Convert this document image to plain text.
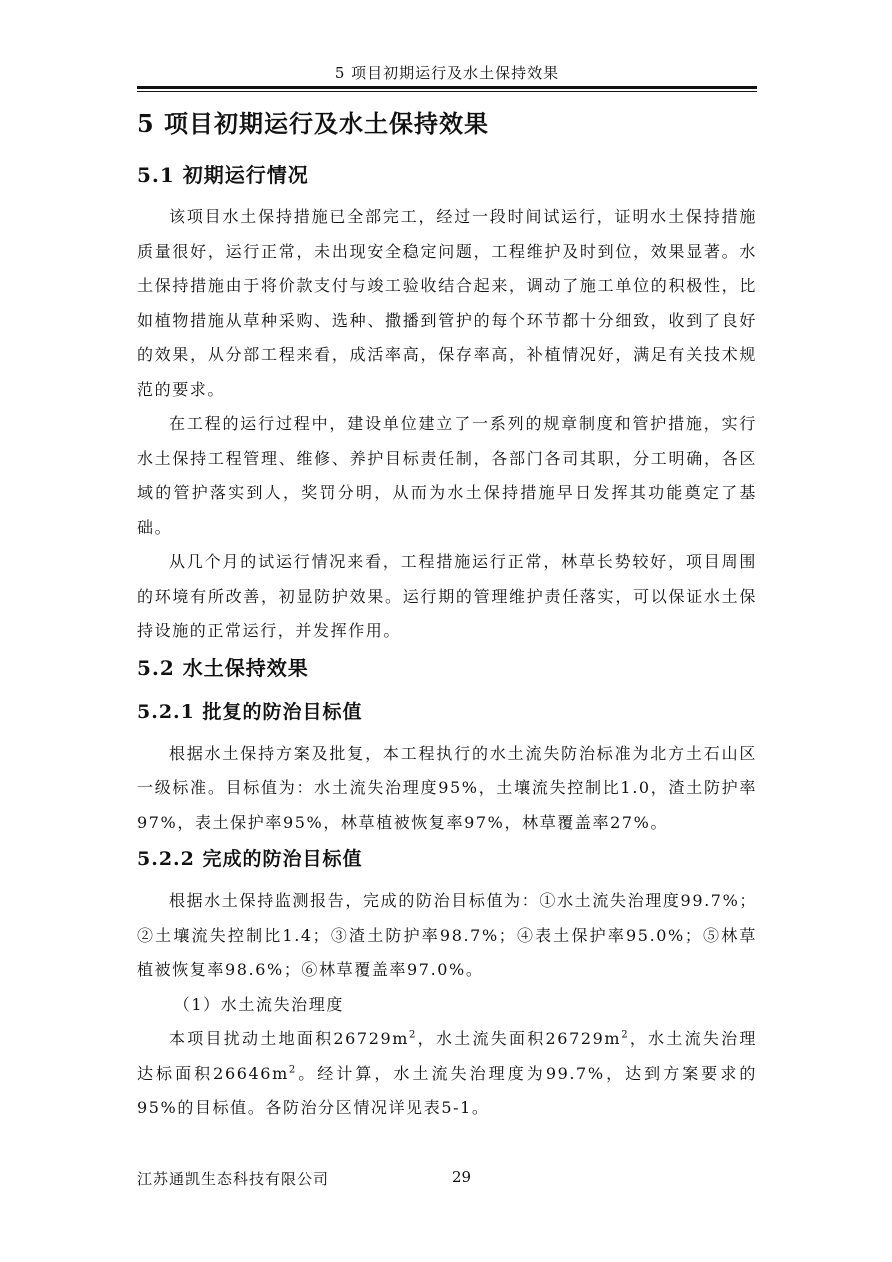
5 项目初期运行及水土保持效果
5 项目初期运行及水土保持效果
5.1 初期运行情况

该项目水土保持措施已全部完工，经过一段时间试运行，证明水土保持措施质量很好，运行正常，未出现安全稳定问题，工程维护及时到位，效果显著。水土保持措施由于将价款支付与竣工验收结合起来，调动了施工单位的积极性，比如植物措施从草种采购、选种、撒播到管护的每个环节都十分细致，收到了良好的效果，从分部工程来看，成活率高，保存率高，补植情况好，满足有关技术规范的要求。

在工程的运行过程中，建设单位建立了一系列的规章制度和管护措施，实行水土保持工程管理、维修、养护目标责任制，各部门各司其职，分工明确，各区域的管护落实到人，奖罚分明，从而为水土保持措施早日发挥其功能奠定了基础。

从几个月的试运行情况来看，工程措施运行正常，林草长势较好，项目周围的环境有所改善，初显防护效果。运行期的管理维护责任落实，可以保证水土保持设施的正常运行，并发挥作用。

5.2 水土保持效果
5.2.1 批复的防治目标值

根据水土保持方案及批复，本工程执行的水土流失防治标准为北方土石山区一级标准。目标值为：水土流失治理度95%，土壤流失控制比1.0，渣土防护率97%，表土保护率95%，林草植被恢复率97%，林草覆盖率27%。

5.2.2 完成的防治目标值

根据水土保持监测报告，完成的防治目标值为：①水土流失治理度99.7%；②土壤流失控制比1.4；③渣土防护率98.7%；④表土保护率95.0%；⑤林草植被恢复率98.6%；⑥林草覆盖率97.0%。

（1）水土流失治理度

本项目扰动土地面积$26729m^2$，水土流失面积$26729m^2$，水土流失治理达标面积$26646m^2$。经计算，水土流失治理度为99.7%，达到方案要求的95%的目标值。各防治分区情况详见表5-1。

江苏通凯生态科技有限公司	29
